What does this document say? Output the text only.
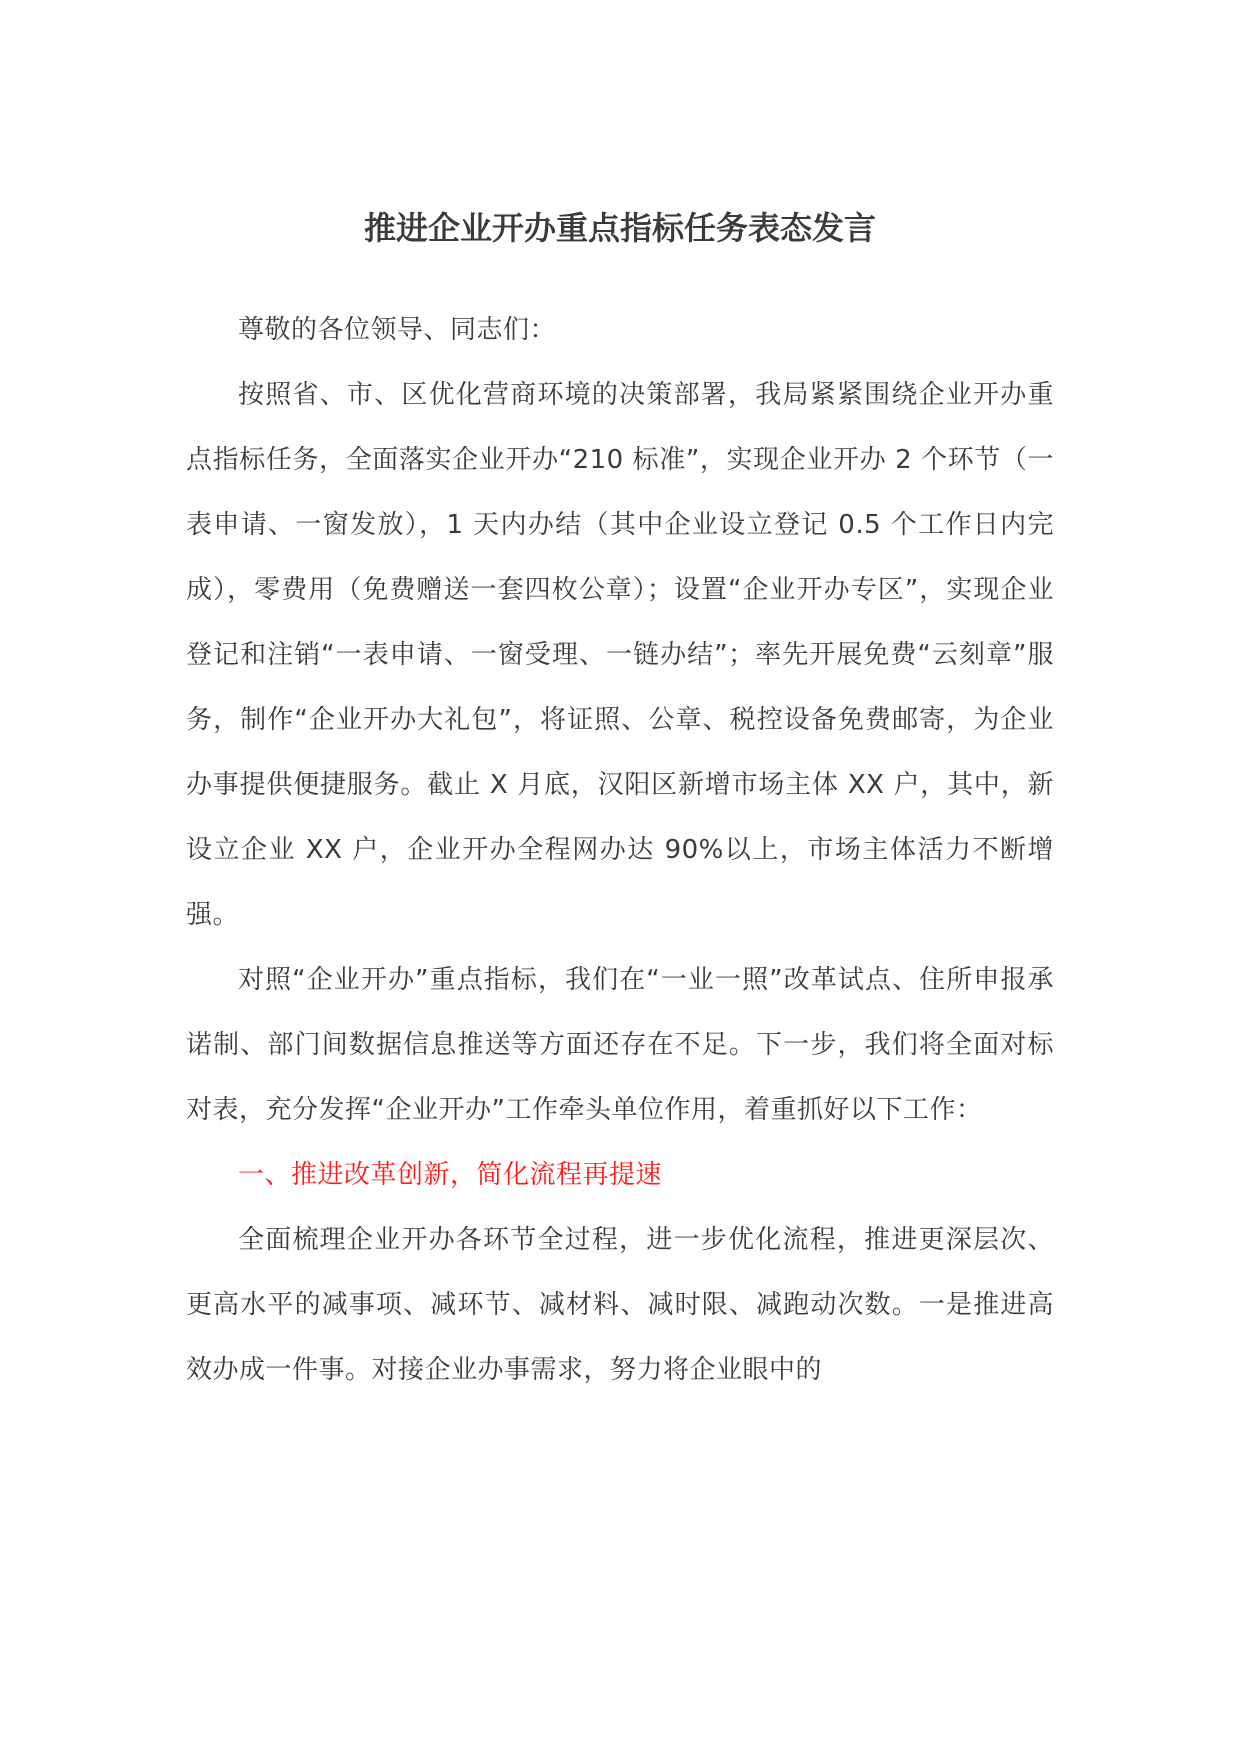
推进企业开办重点指标任务表态发言

尊敬的各位领导、同志们：

按照省、市、区优化营商环境的决策部署，我局紧紧围绕企业开办重点指标任务，全面落实企业开办“210 标准”，实现企业开办 2 个环节（一表申请、一窗发放），1 天内办结（其中企业设立登记 0.5 个工作日内完成），零费用（免费赠送一套四枚公章）；设置“企业开办专区”，实现企业登记和注销“一表申请、一窗受理、一链办结”；率先开展免费“云刻章”服务，制作“企业开办大礼包”，将证照、公章、税控设备免费邮寄，为企业办事提供便捷服务。截止 X 月底，汉阳区新增市场主体 XX 户，其中，新设立企业 XX 户，企业开办全程网办达 90%以上，市场主体活力不断增强。

对照“企业开办”重点指标，我们在“一业一照”改革试点、住所申报承诺制、部门间数据信息推送等方面还存在不足。下一步，我们将全面对标对表，充分发挥“企业开办”工作牵头单位作用，着重抓好以下工作：

一、推进改革创新，简化流程再提速

全面梳理企业开办各环节全过程，进一步优化流程，推进更深层次、更高水平的减事项、减环节、减材料、减时限、减跑动次数。一是推进高效办成一件事。对接企业办事需求，努力将企业眼中的
